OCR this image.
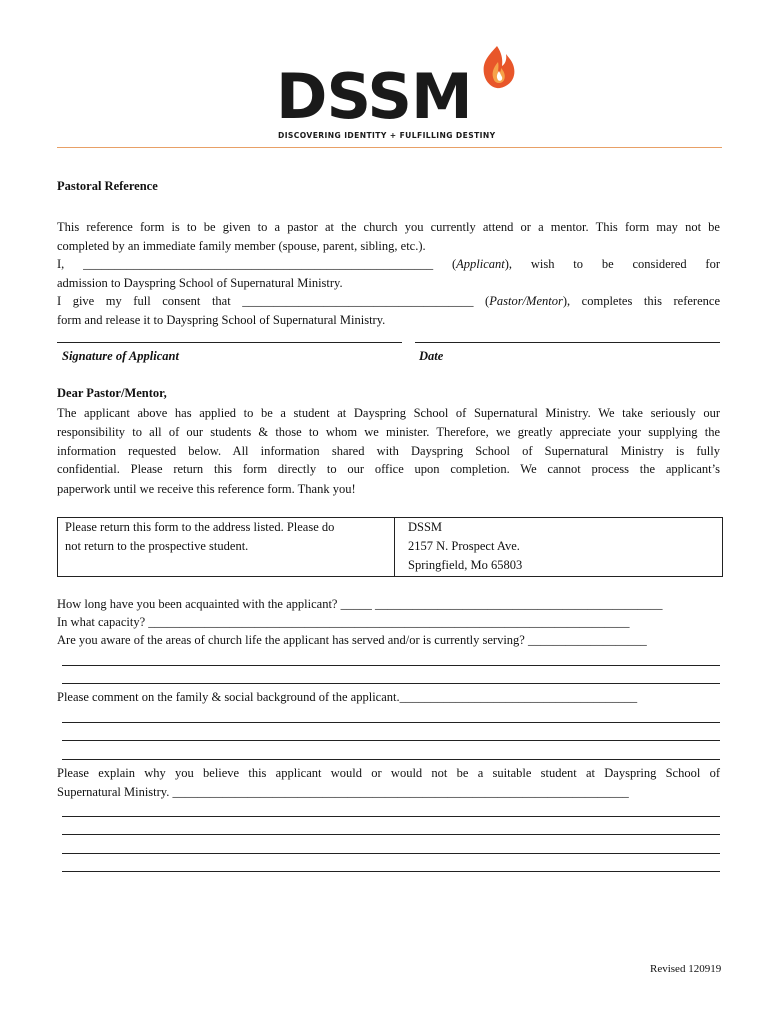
DSSM
DISCOVERING IDENTITY + FULFILLING DESTINY
Pastoral Reference
This reference form is to be given to a pastor at the church you currently attend or a mentor. This form may not be
completed by an immediate family member (spouse, parent, sibling, etc.).
I, ________________________________________________________ (Applicant), wish to be considered for
admission to Dayspring School of Supernatural Ministry.
I give my full consent that _____________________________________ (Pastor/Mentor), completes this reference
form and release it to Dayspring School of Supernatural Ministry.
Signature of Applicant	Date
Dear Pastor/Mentor,
The applicant above has applied to be a student at Dayspring School of Supernatural Ministry. We take seriously our
responsibility to all of our students & those to whom we minister. Therefore, we greatly appreciate your supplying the
information requested below. All information shared with Dayspring School of Supernatural Ministry is fully
confidential. Please return this form directly to our office upon completion. We cannot process the applicant’s
paperwork until we receive this reference form. Thank you!
Please return this form to the address listed. Please do
not return to the prospective student.
DSSM
2157 N. Prospect Ave.
Springfield, Mo 65803
How long have you been acquainted with the applicant? _____ ______________________________________________
In what capacity? _____________________________________________________________________________
Are you aware of the areas of church life the applicant has served and/or is currently serving? ___________________
Please comment on the family & social background of the applicant.______________________________________
Please explain why you believe this applicant would or would not be a suitable student at Dayspring School of
Supernatural Ministry. _________________________________________________________________________
Revised 120919
